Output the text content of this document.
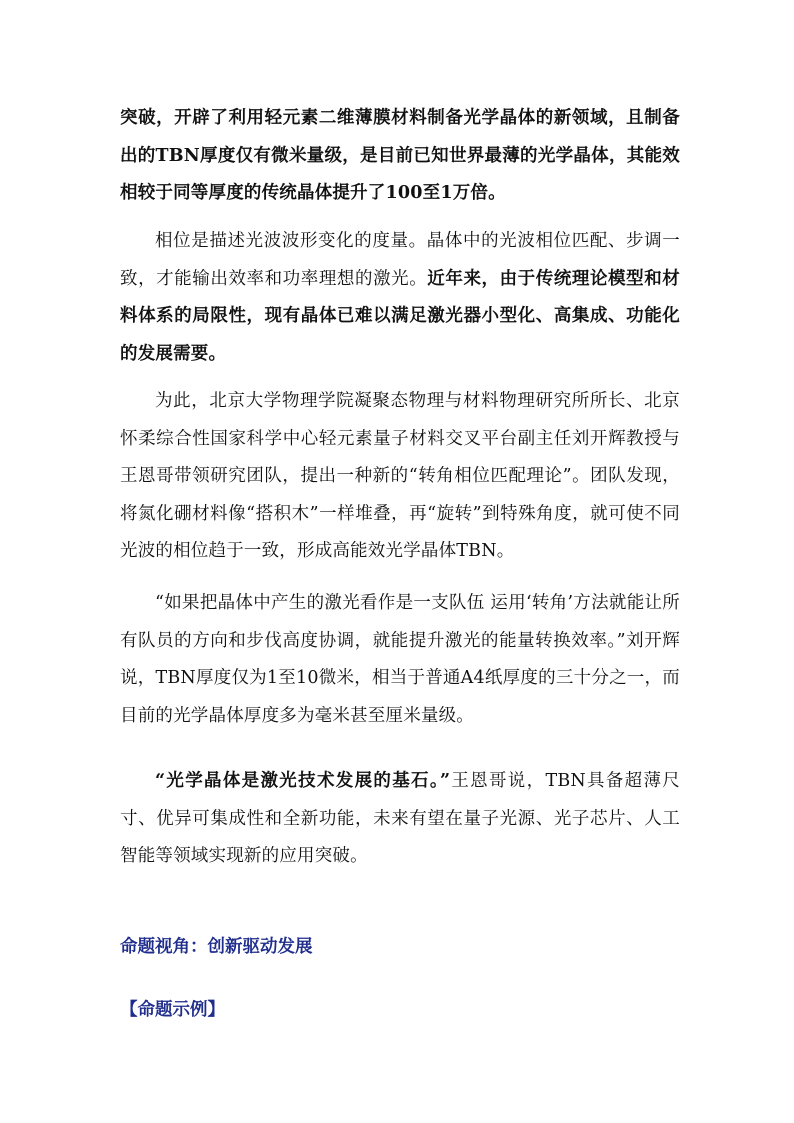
突破，开辟了利用轻元素二维薄膜材料制备光学晶体的新领域，且制备出的TBN厚度仅有微米量级，是目前已知世界最薄的光学晶体，其能效相较于同等厚度的传统晶体提升了100至1万倍。

相位是描述光波波形变化的度量。晶体中的光波相位匹配、步调一致，才能输出效率和功率理想的激光。近年来，由于传统理论模型和材料体系的局限性，现有晶体已难以满足激光器小型化、高集成、功能化的发展需要。

为此，北京大学物理学院凝聚态物理与材料物理研究所所长、北京怀柔综合性国家科学中心轻元素量子材料交叉平台副主任刘开辉教授与王恩哥带领研究团队，提出一种新的“转角相位匹配理论”。团队发现，将氮化硼材料像“搭积木”一样堆叠，再“旋转”到特殊角度，就可使不同光波的相位趋于一致，形成高能效光学晶体TBN。

“如果把晶体中产生的激光看作是一支队伍 运用‘转角’方法就能让所有队员的方向和步伐高度协调，就能提升激光的能量转换效率。”刘开辉说，TBN厚度仅为1至10微米，相当于普通A4纸厚度的三十分之一，而目前的光学晶体厚度多为毫米甚至厘米量级。

“光学晶体是激光技术发展的基石。”王恩哥说，TBN具备超薄尺寸、优异可集成性和全新功能，未来有望在量子光源、光子芯片、人工智能等领域实现新的应用突破。

命题视角：创新驱动发展
【命题示例】
